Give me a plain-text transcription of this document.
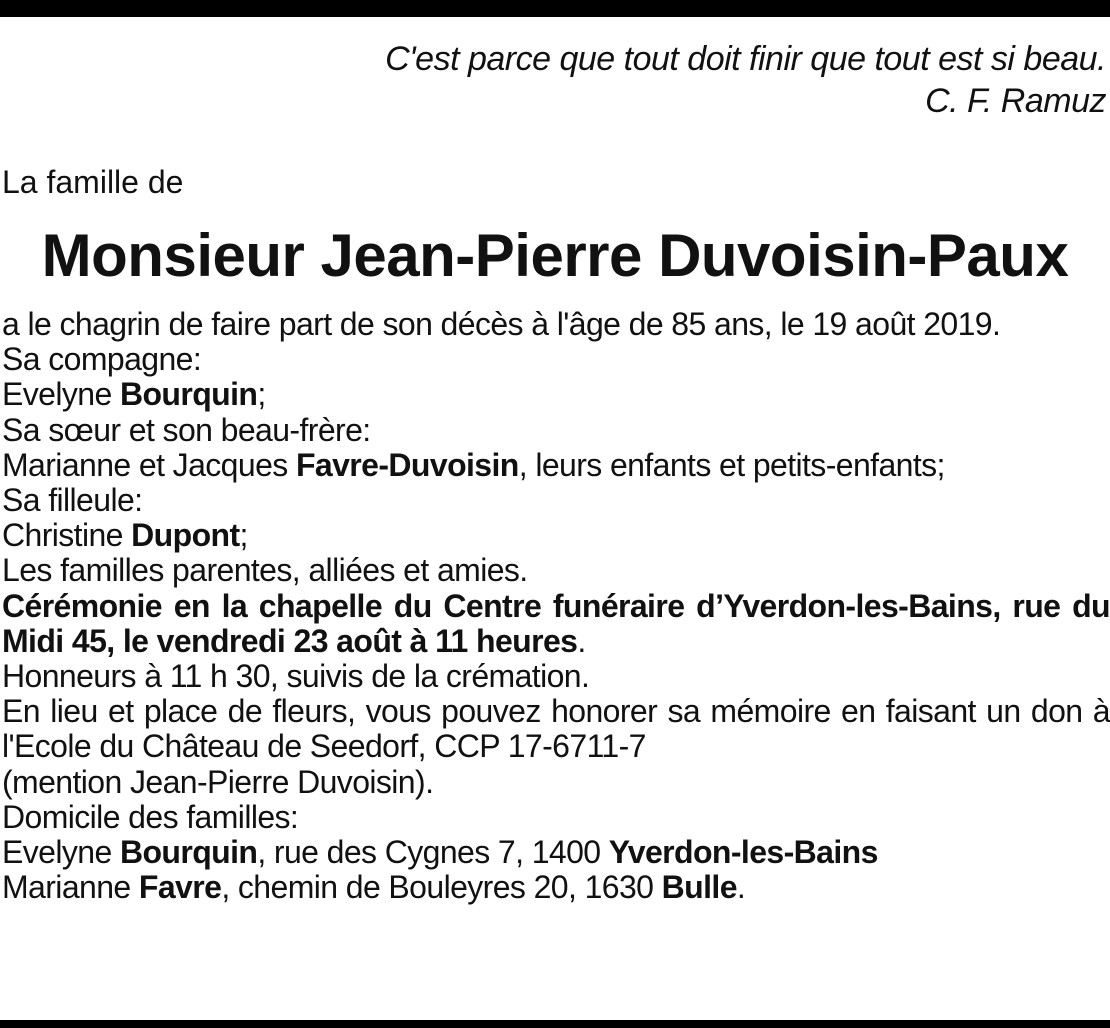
C'est parce que tout doit finir que tout est si beau.
C. F. Ramuz
La famille de
Monsieur Jean-Pierre Duvoisin-Paux
a le chagrin de faire part de son décès à l'âge de 85 ans, le 19 août 2019.
Sa compagne:
Evelyne Bourquin;
Sa sœur et son beau-frère:
Marianne et Jacques Favre-Duvoisin, leurs enfants et petits-enfants;
Sa filleule:
Christine Dupont;
Les familles parentes, alliées et amies.
Cérémonie en la chapelle du Centre funéraire d’Yverdon-les-Bains, rue du Midi 45, le vendredi 23 août à 11 heures.
Honneurs à 11 h 30, suivis de la crémation.
En lieu et place de fleurs, vous pouvez honorer sa mémoire en faisant un don à l'Ecole du Château de Seedorf, CCP 17-6711-7
(mention Jean-Pierre Duvoisin).
Domicile des familles:
Evelyne Bourquin, rue des Cygnes 7, 1400 Yverdon-les-Bains
Marianne Favre, chemin de Bouleyres 20, 1630 Bulle.
